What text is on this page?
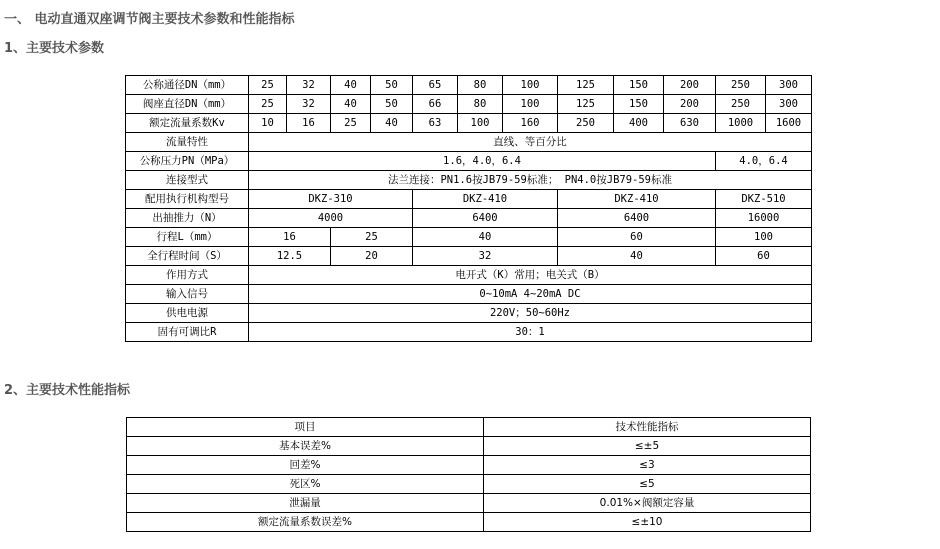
一、 电动直通双座调节阀主要技术参数和性能指标
1、主要技术参数
公称通径DN（mm）	25	32	40	50	65	80	100	125	150	200	250	300
阀座直径DN（mm）	25	32	40	50	66	80	100	125	150	200	250	300
额定流量系数Kv	10	16	25	40	63	100	160	250	400	630	1000	1600
流量特性	直线、等百分比											
公称压力PN（MPa）	1.6，4.0，6.4										4.0，6.4	
连接型式	法兰连接：PN1.6按JB79-59标准； PN4.0按JB79-59标准											
配用执行机构型号	DKZ-310				DKZ-410			DKZ-410			DKZ-510	
出抽推力（N）	4000				6400			6400			16000	
行程L（mm）	16		25		40			60			100	
全行程时间（S）	12.5		20		32			40			60	
作用方式	电开式（K）常用；电关式（B）											
输入信号	0~10mA 4~20mA DC											
供电电源	220V；50~60Hz											
固有可调比R	30：1											
2、主要技术性能指标
项目	技术性能指标
基本误差%	≤±5
回差%	≤3
死区%	≤5
泄漏量	0.01%×阀额定容量
额定流量系数误差%	≤±10
